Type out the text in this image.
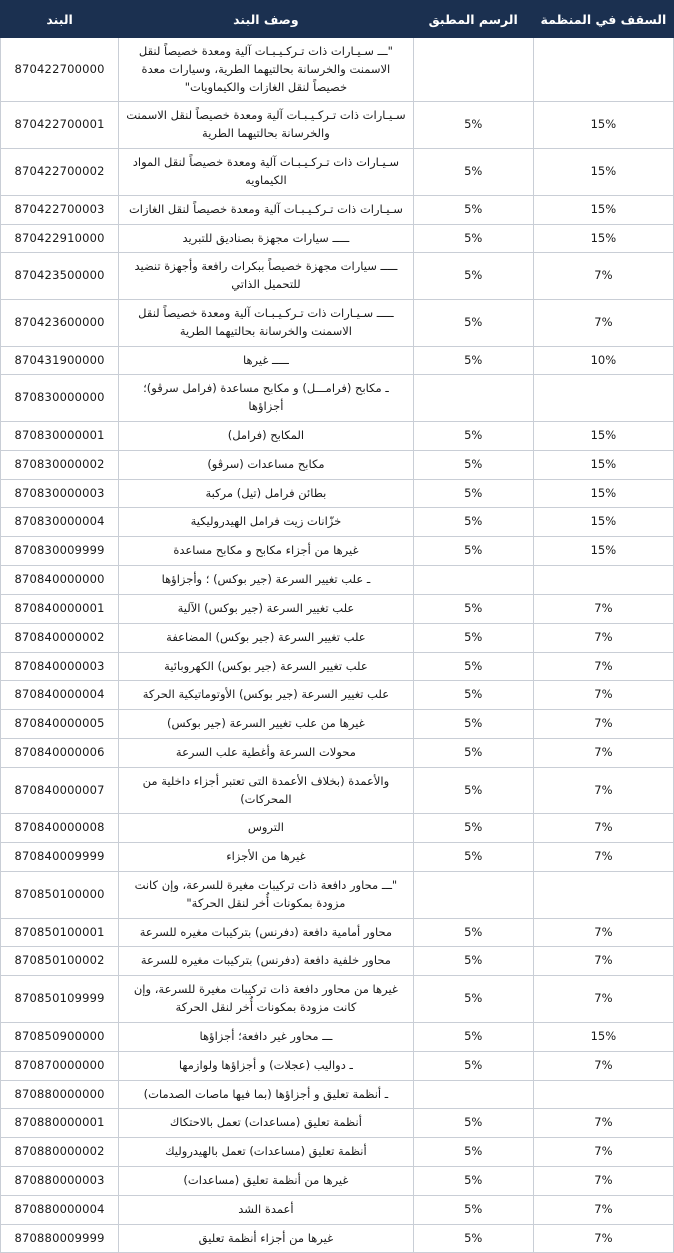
السقف في المنظمة	الرسم المطبق	وصف البند	البند
		"ـــ سـيـارات ذات تـركـيـبـات آلية ومعدة خصيصاً لنقل الاسمنت والخرسانة بحالتيهما الطرية، وسيارات معدة خصيصاً لنقل الغازات والكيماويات"	870422700000
15%	5%	سـيـارات ذات تـركـيـبـات آلية ومعدة خصيصاً لنقل الاسمنت والخرسانة بحالتيهما الطرية	870422700001
15%	5%	سـيـارات ذات تـركـيـبـات آلية ومعدة خصيصاً لنقل المواد الكيماويه	870422700002
15%	5%	سـيـارات ذات تـركـيـبـات آلية ومعدة خصيصاً لنقل الغازات	870422700003
15%	5%	ـــــ سيارات مجهزة بصناديق للتبريد	870422910000
7%	5%	ـــــ سيارات مجهزة خصيصاً ببكرات رافعة وأجهزة تنضيد للتحميل الذاتي	870423500000
7%	5%	ـــــ سـيـارات ذات تـركـيـبـات آلية ومعدة خصيصاً لنقل الاسمنت والخرسانة بحالتيهما الطرية	870423600000
10%	5%	ـــــ غيرها	870431900000
		ـ مكابح (فرامـــل) و مكابح مساعدة (فرامل سرڤو)؛ أجزاؤها	870830000000
15%	5%	المكابح (فرامل)	870830000001
15%	5%	مكابح مساعدات (سرڤو)	870830000002
15%	5%	بطائن فرامل (تيل) مركبة	870830000003
15%	5%	خزّانات زيت فرامل الهيدروليكية	870830000004
15%	5%	غيرها من أجزاء مكابح و مكابح مساعدة	870830009999
		ـ علب تغيير السرعة (جير بوكس) ؛ وأجزاؤها	870840000000
7%	5%	علب تغيير السرعة (جير بوكس) الآلية	870840000001
7%	5%	علب تغيير السرعة (جير بوكس) المضاعفة	870840000002
7%	5%	علب تغيير السرعة (جير بوكس) الكهروبائية	870840000003
7%	5%	علب تغيير السرعة (جير بوكس) الأوتوماتيكية الحركة	870840000004
7%	5%	غيرها من علب تغيير السرعة (جير بوكس)	870840000005
7%	5%	محولات السرعة وأغطية علب السرعة	870840000006
7%	5%	والأعمدة (بخلاف الأعمدة التى تعتبر أجزاء داخلية من المحركات)	870840000007
7%	5%	التروس	870840000008
7%	5%	غيرها من الأجزاء	870840009999
		"ـــ محاور دافعة ذات تركيبات مغيرة للسرعة، وإن كانت مزودة بمكونات أُخر لنقل الحركة"	870850100000
7%	5%	محاور أمامية دافعة (دفرنس) بتركيبات مغيره للسرعة	870850100001
7%	5%	محاور خلفية دافعة (دفرنس) بتركيبات مغيره للسرعة	870850100002
7%	5%	غيرها من محاور دافعة ذات تركيبات مغيرة للسرعة، وإن كانت مزودة بمكونات أُخر لنقل الحركة	870850109999
15%	5%	ـــ محاور غير دافعة؛ أجزاؤها	870850900000
7%	5%	ـ دواليب (عجلات) و أجزاؤها ولوازمها	870870000000
		ـ أنظمة تعليق و أجزاؤها (بما فيها ماصات الصدمات)	870880000000
7%	5%	أنظمة تعليق (مساعدات) تعمل بالاحتكاك	870880000001
7%	5%	أنظمة تعليق (مساعدات) تعمل بالهيدروليك	870880000002
7%	5%	غيرها من أنظمة تعليق (مساعدات)	870880000003
7%	5%	أعمدة الشد	870880000004
7%	5%	غيرها من أجزاء أنظمة تعليق	870880009999
